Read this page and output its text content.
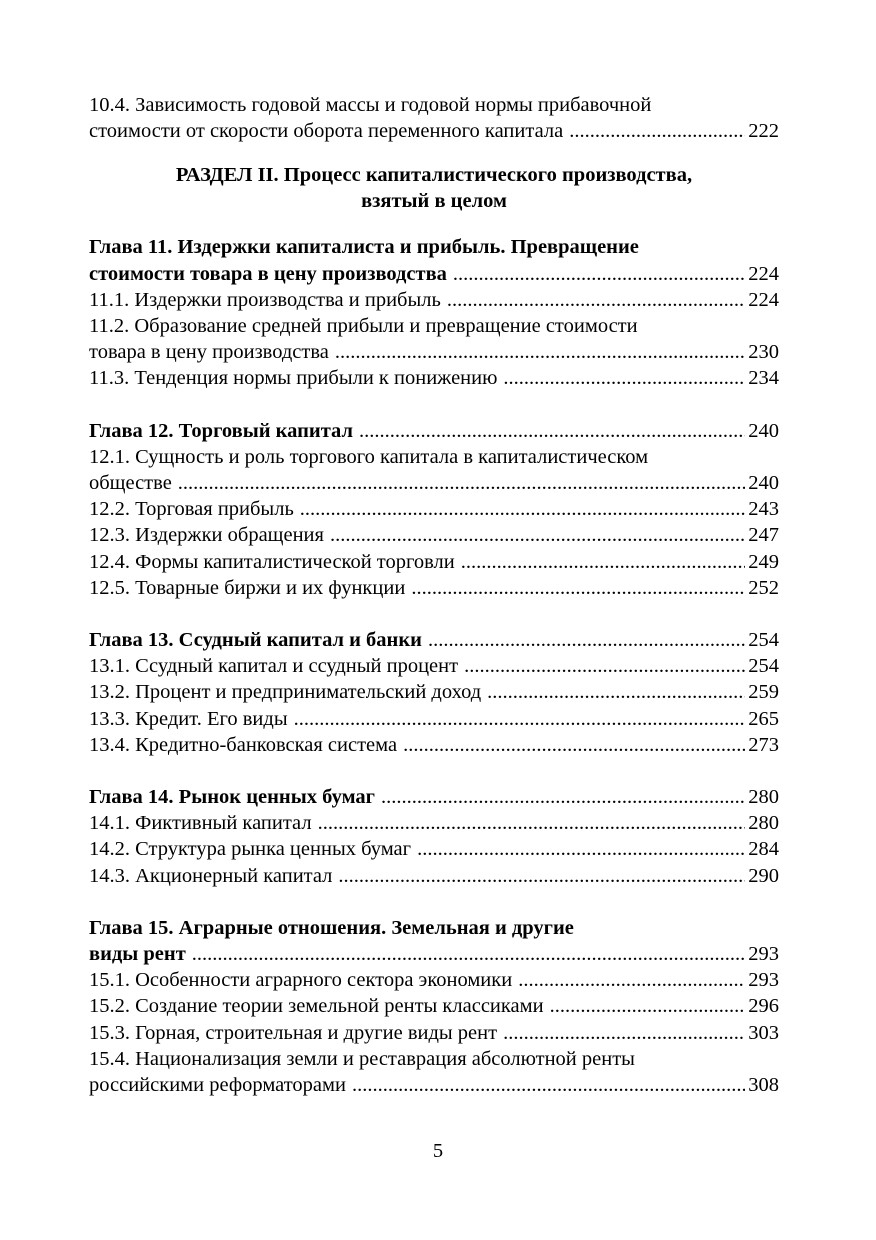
10.4. Зависимость годовой массы и годовой нормы прибавочной
стоимости от скорости оборота переменного капитала .....	222
РАЗДЕЛ II. Процесс капиталистического производства,
взятый в целом
Глава 11. Издержки капиталиста и прибыль. Превращение
стоимости товара в цену производства .....	224
11.1. Издержки производства и прибыль .....	224
11.2. Образование средней прибыли и превращение стоимости
товара в цену производства .....	230
11.3. Тенденция нормы прибыли к понижению .....	234
Глава 12. Торговый капитал .....	240
12.1. Сущность и роль торгового капитала в капиталистическом
обществе .....	240
12.2. Торговая прибыль .....	243
12.3. Издержки обращения .....	247
12.4. Формы капиталистической торговли .....	249
12.5. Товарные биржи и их функции .....	252
Глава 13. Ссудный капитал и банки .....	254
13.1. Ссудный капитал и ссудный процент .....	254
13.2. Процент и предпринимательский доход .....	259
13.3. Кредит. Его виды .....	265
13.4. Кредитно-банковская система .....	273
Глава 14. Рынок ценных бумаг .....	280
14.1. Фиктивный капитал .....	280
14.2. Структура рынка ценных бумаг .....	284
14.3. Акционерный капитал .....	290
Глава 15. Аграрные отношения. Земельная и другие
виды рент .....	293
15.1. Особенности аграрного сектора экономики .....	293
15.2. Создание теории земельной ренты классиками .....	296
15.3. Горная, строительная и другие виды рент .....	303
15.4. Национализация земли и реставрация абсолютной ренты
российскими реформаторами .....	308
5
